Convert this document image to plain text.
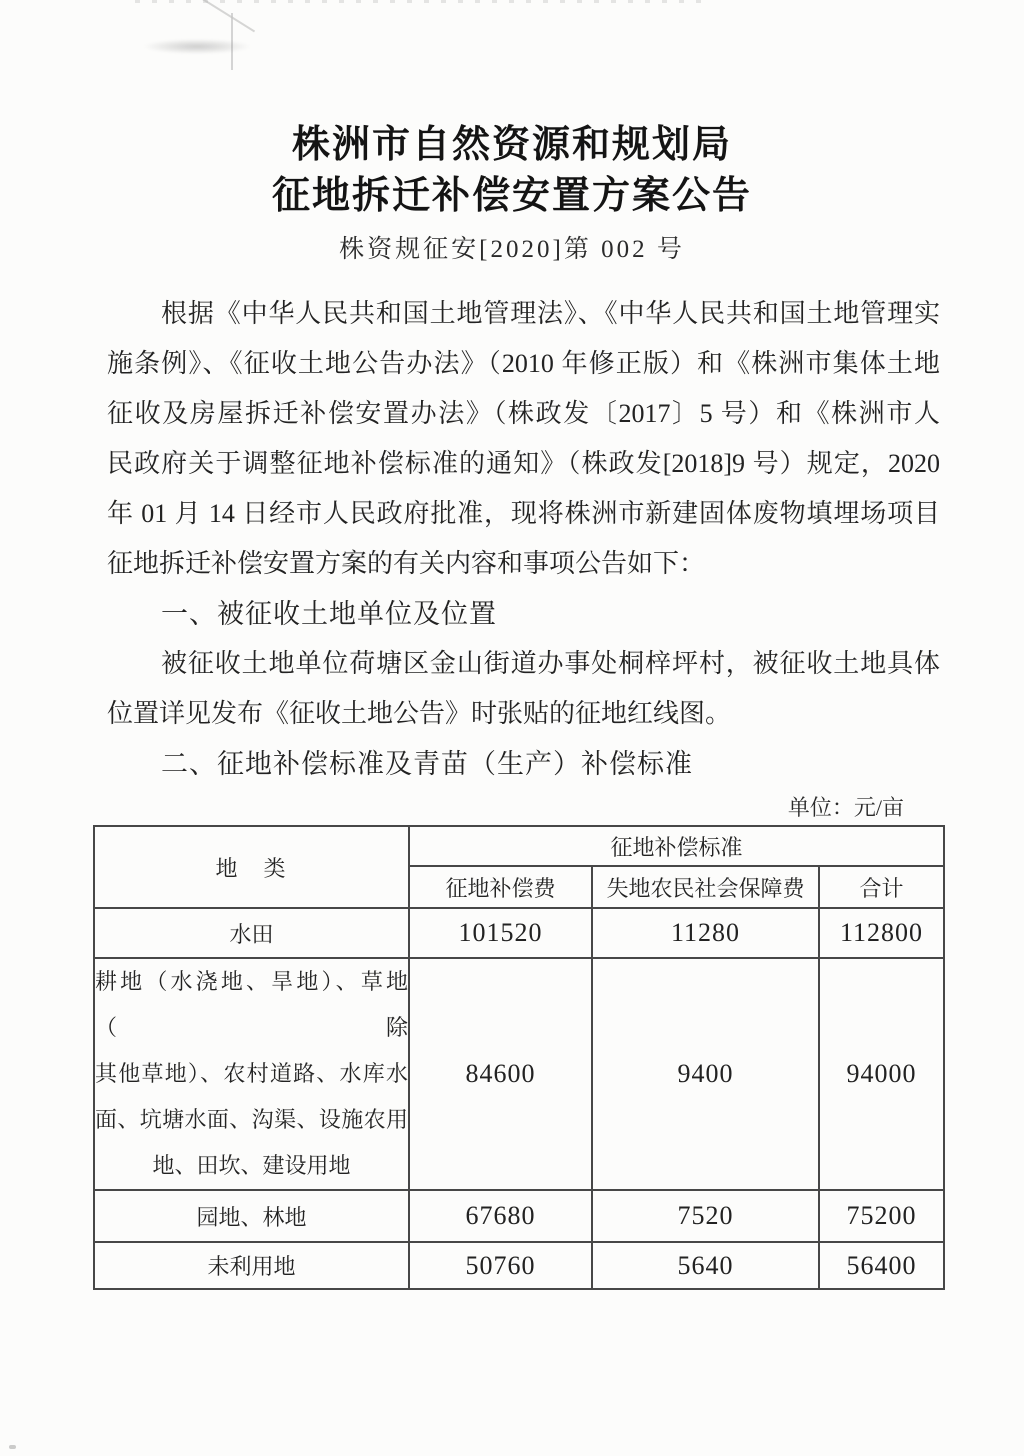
株洲市自然资源和规划局
征地拆迁补偿安置方案公告
株资规征安[2020]第 002 号
根据《中华人民共和国土地管理法》、《中华人民共和国土地管理实
施条例》、《征收土地公告办法》（2010 年修正版）和《株洲市集体土地
征收及房屋拆迁补偿安置办法》（株政发〔2017〕5 号）和《株洲市人
民政府关于调整征地补偿标准的通知》（株政发[2018]9 号）规定，2020
年 01 月 14 日经市人民政府批准，现将株洲市新建固体废物填埋场项目
征地拆迁补偿安置方案的有关内容和事项公告如下：
一、被征收土地单位及位置
被征收土地单位荷塘区金山街道办事处桐梓坪村，被征收土地具体
位置详见发布《征收土地公告》时张贴的征地红线图。
二、征地补偿标准及青苗（生产）补偿标准
单位：元/亩
地　类	征地补偿标准		
	征地补偿费	失地农民社会保障费	合计
水田	101520	11280	112800

耕地（水浇地、旱地）、草地（除
其他草地）、农村道路、水库水
面、坑塘水面、沟渠、设施农用
地、田坎、建设用地	84600	9400	94000
园地、林地	67680	7520	75200
未利用地	50760	5640	56400
